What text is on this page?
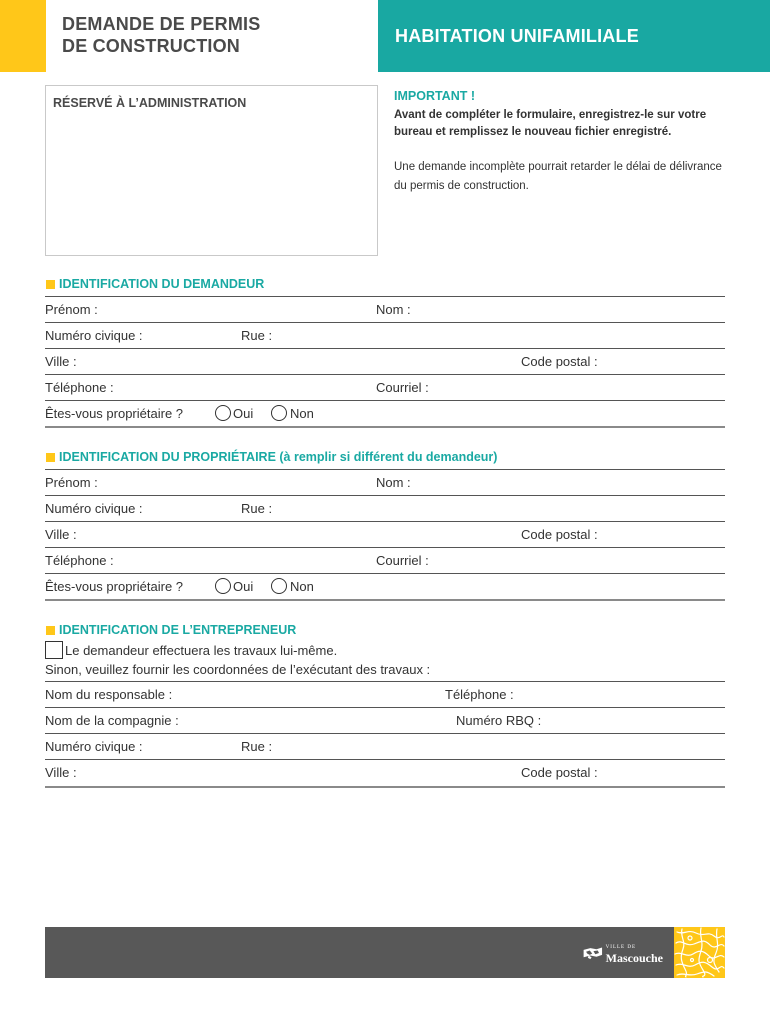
DEMANDE DE PERMIS
DE CONSTRUCTION	HABITATION UNIFAMILIALE
RÉSERVÉ À L’ADMINISTRATION	IMPORTANT !
Avant de compléter le formulaire, enregistrez-le sur votre bureau et remplissez le nouveau fichier enregistré.
Une demande incomplète pourrait retarder le délai de délivrance du permis de construction.
IDENTIFICATION DU DEMANDEUR
Prénom :	Nom :
Numéro civique :	Rue :
Ville :	Code postal :
Téléphone :	Courriel :
Êtes-vous propriétaire ?	Oui	Non
IDENTIFICATION DU PROPRIÉTAIRE (à remplir si différent du demandeur)
Prénom :	Nom :
Numéro civique :	Rue :
Ville :	Code postal :
Téléphone :	Courriel :
Êtes-vous propriétaire ?	Oui	Non
IDENTIFICATION DE L’ENTREPRENEUR
Le demandeur effectuera les travaux lui-même.
Sinon, veuillez fournir les coordonnées de l’exécutant des travaux :
Nom du responsable :	Téléphone :
Nom de la compagnie :	Numéro RBQ :
Numéro civique :	Rue :
Ville :	Code postal :
VILLE DE
Mascouche
